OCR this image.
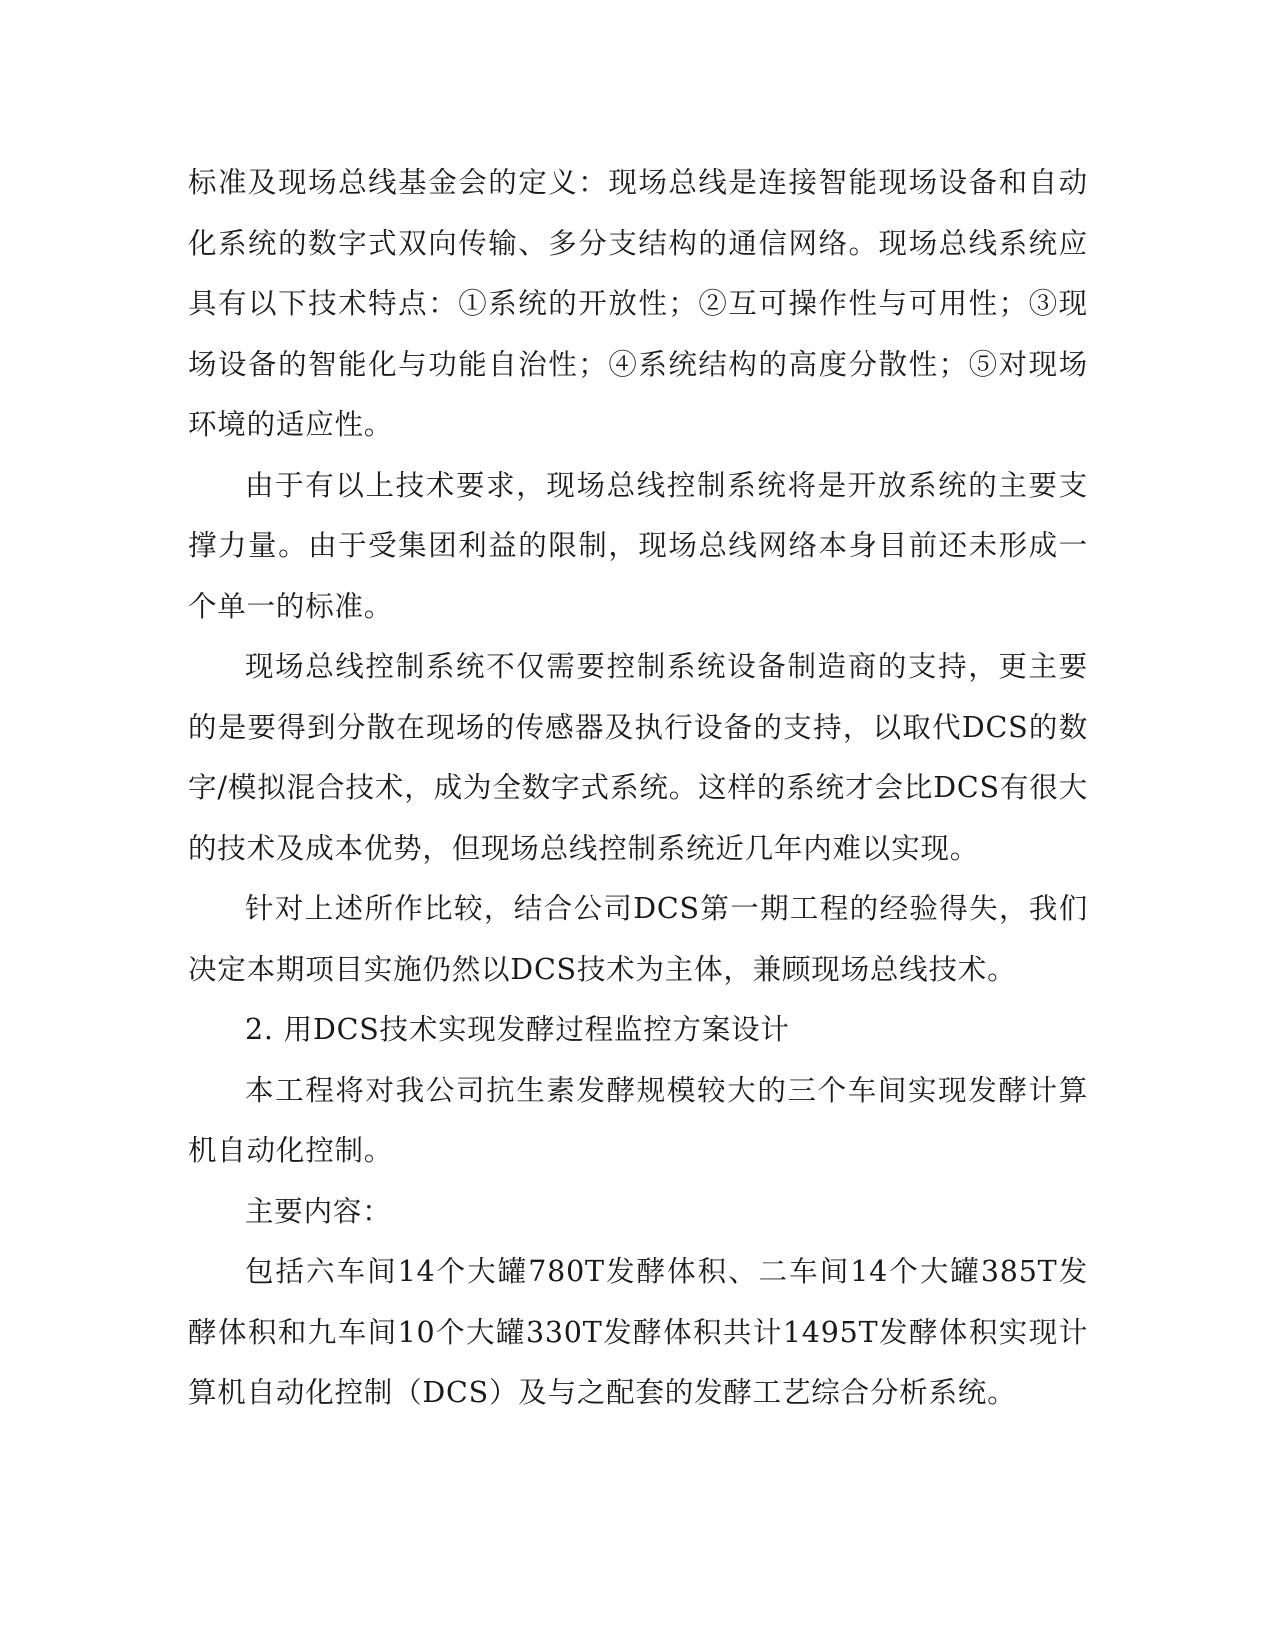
标准及现场总线基金会的定义：现场总线是连接智能现场设备和自动化系统的数字式双向传输、多分支结构的通信网络。现场总线系统应具有以下技术特点：①系统的开放性；②互可操作性与可用性；③现场设备的智能化与功能自治性；④系统结构的高度分散性；⑤对现场环境的适应性。

由于有以上技术要求，现场总线控制系统将是开放系统的主要支撑力量。由于受集团利益的限制，现场总线网络本身目前还未形成一个单一的标准。

现场总线控制系统不仅需要控制系统设备制造商的支持，更主要的是要得到分散在现场的传感器及执行设备的支持，以取代DCS的数字/模拟混合技术，成为全数字式系统。这样的系统才会比DCS有很大的技术及成本优势，但现场总线控制系统近几年内难以实现。

针对上述所作比较，结合公司DCS第一期工程的经验得失，我们决定本期项目实施仍然以DCS技术为主体，兼顾现场总线技术。

2. 用DCS技术实现发酵过程监控方案设计

本工程将对我公司抗生素发酵规模较大的三个车间实现发酵计算机自动化控制。

主要内容：

包括六车间14个大罐780T发酵体积、二车间14个大罐385T发酵体积和九车间10个大罐330T发酵体积共计1495T发酵体积实现计算机自动化控制（DCS）及与之配套的发酵工艺综合分析系统。
